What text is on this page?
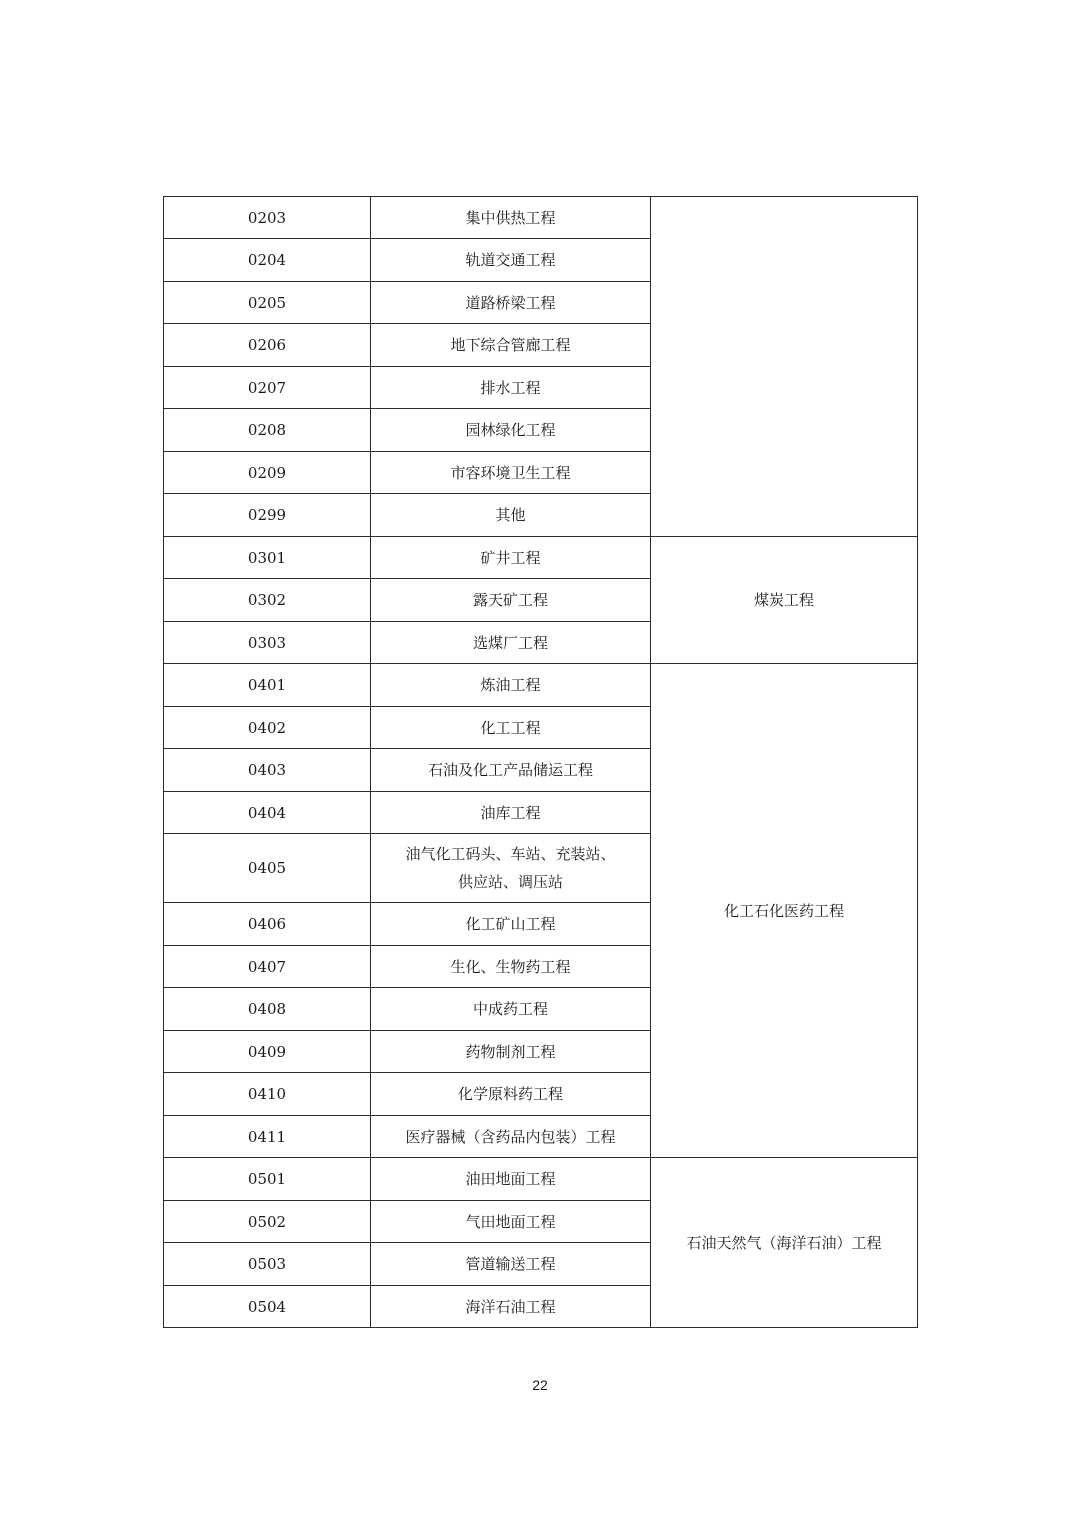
0203	集中供热工程	
0204	轨道交通工程	
0205	道路桥梁工程	
0206	地下综合管廊工程	
0207	排水工程	
0208	园林绿化工程	
0209	市容环境卫生工程	
0299	其他	
0301	矿井工程	煤炭工程
0302	露天矿工程	
0303	选煤厂工程	
0401	炼油工程	化工石化医药工程
0402	化工工程	
0403	石油及化工产品储运工程	
0404	油库工程	
0405	油气化工码头、车站、充装站、
供应站、调压站	

0406	化工矿山工程	
0407	生化、生物药工程	
0408	中成药工程	
0409	药物制剂工程	
0410	化学原料药工程	
0411	医疗器械（含药品内包装）工程	
0501	油田地面工程	石油天然气（海洋石油）工程
0502	气田地面工程	
0503	管道输送工程	
0504	海洋石油工程	
22
